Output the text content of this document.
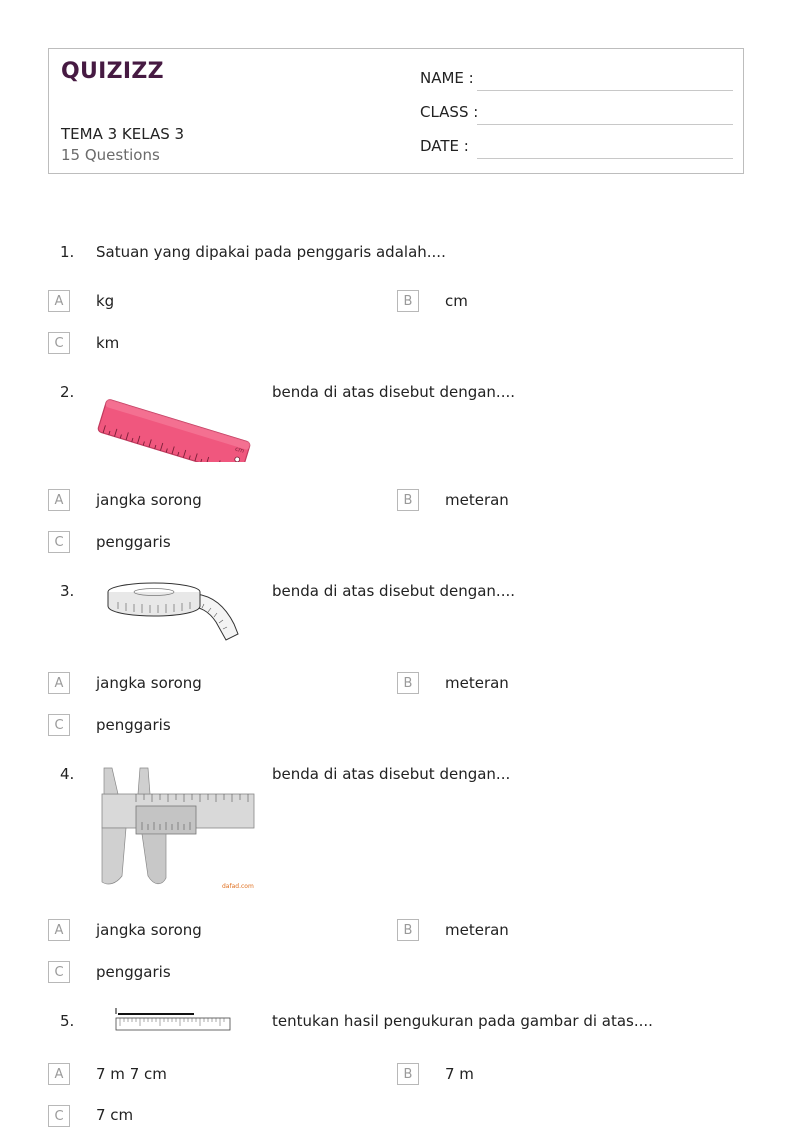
QUIZIZZ
TEMA 3 KELAS 3
15 Questions
NAME :
CLASS :
DATE :
1. Satuan yang dipakai pada penggaris adalah....
A	kg	B	cm
C	km
2.
cm
benda di atas disebut dengan....
A	jangka sorong	B	meteran
C	penggaris
3.	benda di atas disebut dengan....
A	jangka sorong	B	meteran
C	penggaris
4.
dafad.com
benda di atas disebut dengan...
A	jangka sorong	B	meteran
C	penggaris
5.	tentukan hasil pengukuran pada gambar di atas....
A	7 m 7 cm	B	7 m
C	7 cm
